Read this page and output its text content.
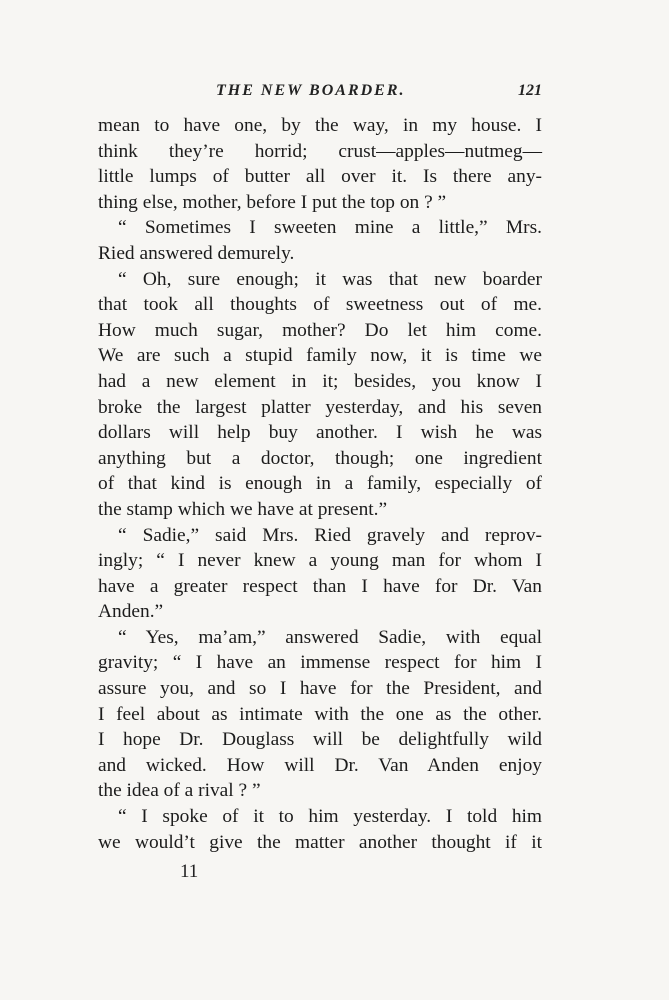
THE NEW BOARDER.	121
mean to have one, by the way, in my house. I
think they’re horrid; crust—apples—nutmeg—
little lumps of butter all over it. Is there any-
thing else, mother, before I put the top on ? ”
“ Sometimes I sweeten mine a little,” Mrs.
Ried answered demurely.
“ Oh, sure enough; it was that new boarder
that took all thoughts of sweetness out of me.
How much sugar, mother? Do let him come.
We are such a stupid family now, it is time we
had a new element in it; besides, you know I
broke the largest platter yesterday, and his seven
dollars will help buy another. I wish he was
anything but a doctor, though; one ingredient
of that kind is enough in a family, especially of
the stamp which we have at present.”
“ Sadie,” said Mrs. Ried gravely and reprov-
ingly; “ I never knew a young man for whom I
have a greater respect than I have for Dr. Van
Anden.”
“ Yes, ma’am,” answered Sadie, with equal
gravity; “ I have an immense respect for him I
assure you, and so I have for the President, and
I feel about as intimate with the one as the other.
I hope Dr. Douglass will be delightfully wild
and wicked. How will Dr. Van Anden enjoy
the idea of a rival ? ”
“ I spoke of it to him yesterday. I told him
we would’t give the matter another thought if it
11
